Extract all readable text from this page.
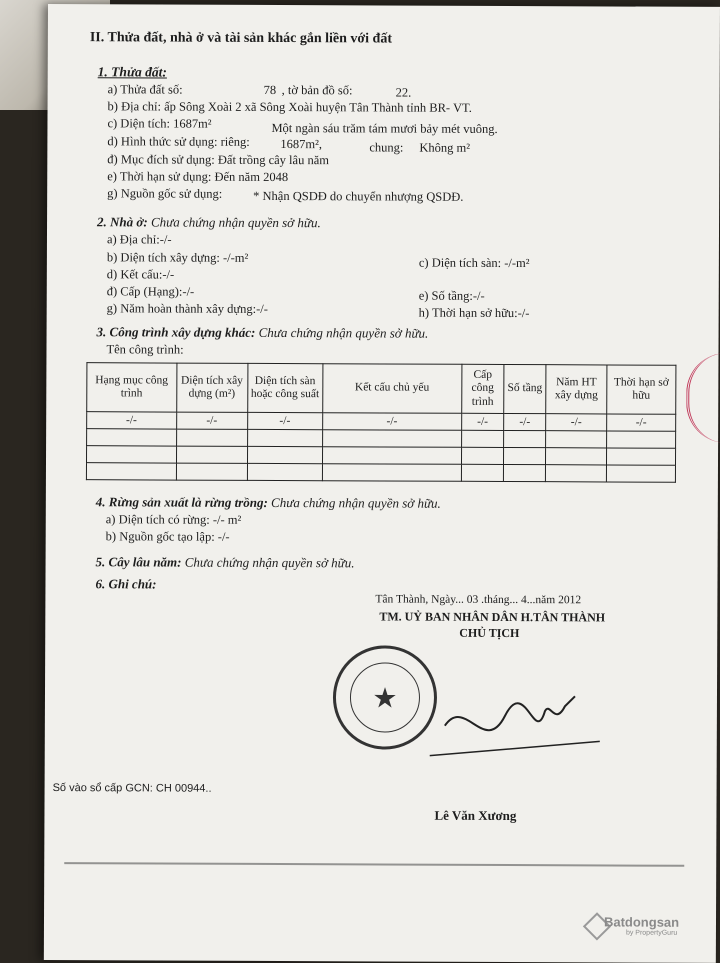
II. Thửa đất, nhà ở và tài sản khác gắn liền với đất
1. Thửa đất:
a) Thửa đất số:	78 , tờ bản đồ số:	22.
b) Địa chỉ: ấp Sông Xoài 2 xã Sông Xoài huyện Tân Thành tỉnh BR- VT.
c) Diện tích: 1687m²	Một ngàn sáu trăm tám mươi bảy mét vuông.
d) Hình thức sử dụng: riêng: 1687m²,	chung: Không m²
đ) Mục đích sử dụng: Đất trồng cây lâu năm
e) Thời hạn sử dụng: Đến năm 2048
g) Nguồn gốc sử dụng: * Nhận QSDĐ do chuyển nhượng QSDĐ.
2. Nhà ở: Chưa chứng nhận quyền sở hữu.
a) Địa chỉ:-/-
b) Diện tích xây dựng: -/-m²	c) Diện tích sàn: -/-m²
d) Kết cấu:-/-
đ) Cấp (Hạng):-/-	e) Số tầng:-/-
g) Năm hoàn thành xây dựng:-/-	h) Thời hạn sở hữu:-/-
3. Công trình xây dựng khác: Chưa chứng nhận quyền sở hữu.
Tên công trình:
Hạng mục công trình	Diện tích xây dựng (m²)	Diện tích sàn hoặc công suất	Kết cấu chủ yếu	Cấp công trình	Số tầng	Năm HT xây dựng	Thời hạn sở hữu
-/-	-/-	-/-	-/-	-/-	-/-	-/-	-/-

4. Rừng sản xuất là rừng trồng: Chưa chứng nhận quyền sở hữu.
a) Diện tích có rừng: -/- m²
b) Nguồn gốc tạo lập: -/-
5. Cây lâu năm: Chưa chứng nhận quyền sở hữu.
6. Ghi chú:
Tân Thành, Ngày... 03 .tháng... 4...năm 2012
TM. UỶ BAN NHÂN DÂN H.TÂN THÀNH
CHỦ TỊCH
★
Lê Văn Xương
Số vào sổ cấp GCN: CH 00944..
Batdongsan
by PropertyGuru
